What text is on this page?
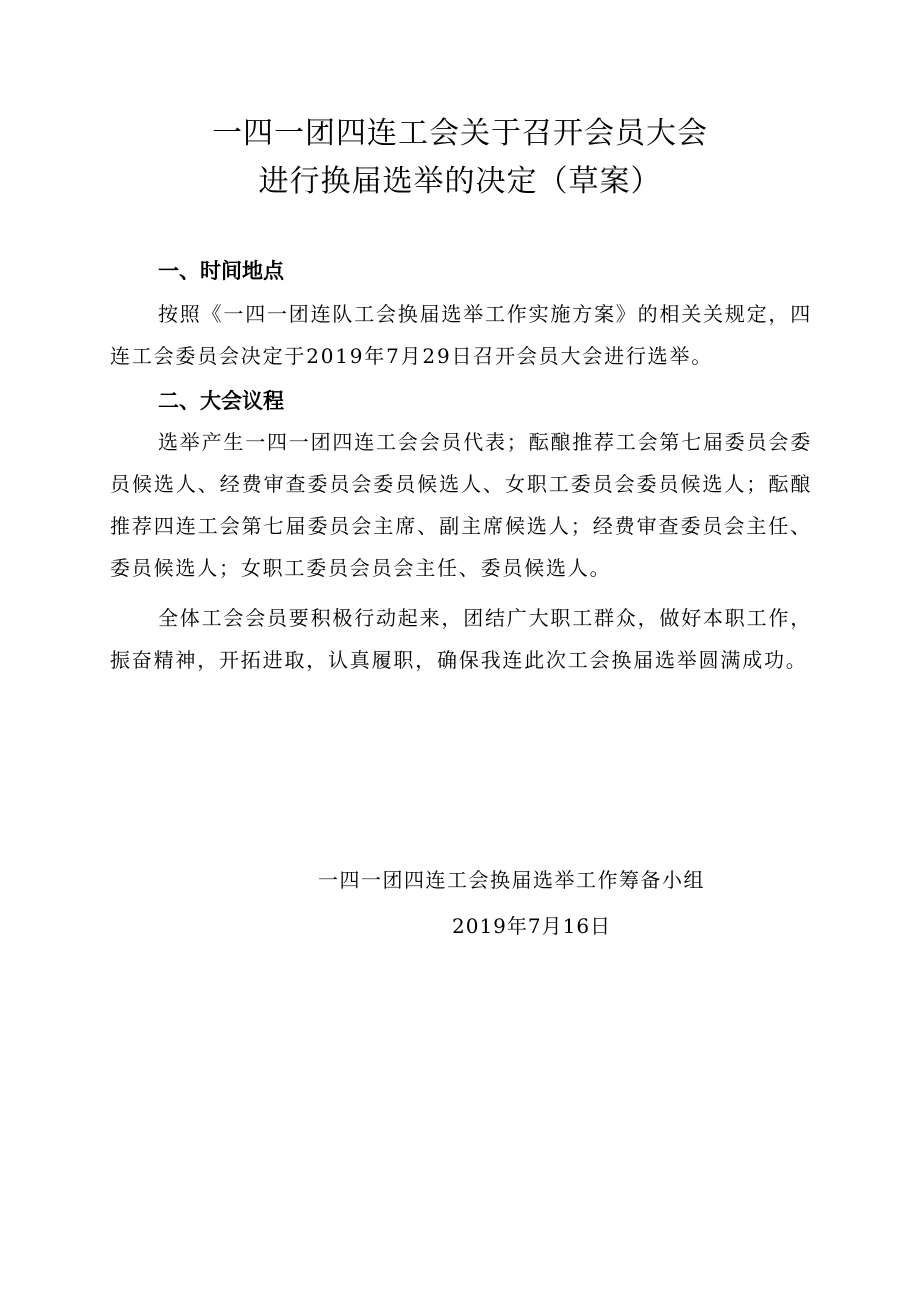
一四一团四连工会关于召开会员大会
进行换届选举的决定（草案）
一、时间地点

按照《一四一团连队工会换届选举工作实施方案》的相关关规定，四连工会委员会决定于2019年7月29日召开会员大会进行选举。

二、大会议程

选举产生一四一团四连工会会员代表；酝酿推荐工会第七届委员会委员候选人、经费审查委员会委员候选人、女职工委员会委员候选人；酝酿推荐四连工会第七届委员会主席、副主席候选人；经费审查委员会主任、委员候选人；女职工委员会员会主任、委员候选人。

全体工会会员要积极行动起来，团结广大职工群众，做好本职工作，振奋精神，开拓进取，认真履职，确保我连此次工会换届选举圆满成功。

一四一团四连工会换届选举工作筹备小组
2019年7月16日
